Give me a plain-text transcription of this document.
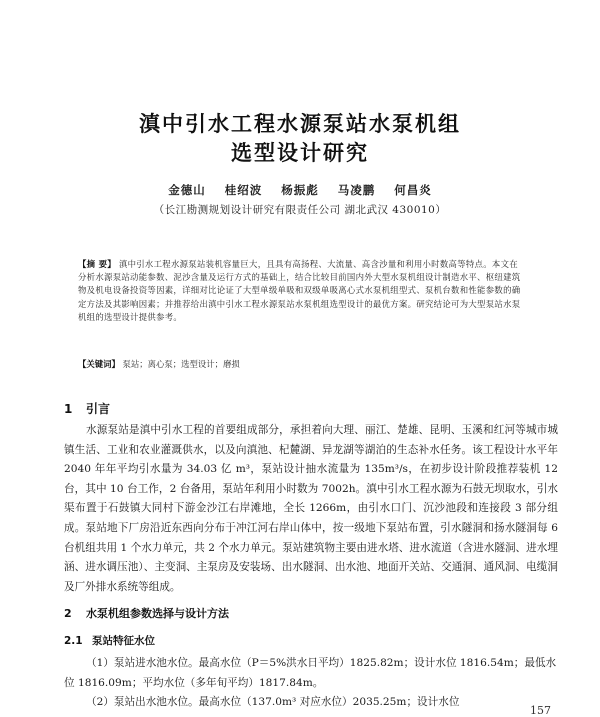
滇中引水工程水源泵站水泵机组
选型设计研究
金德山 桂绍波 杨振彪 马凌鹏 何昌炎
（长江勘测规划设计研究有限责任公司 湖北武汉 430010）
【摘 要】 滇中引水工程水源泵站装机容量巨大，且具有高扬程、大流量、高含沙量和利用小时数高等特点。本文在分析水源泵站动能参数、泥沙含量及运行方式的基础上，结合比较目前国内外大型水泵机组设计制造水平、枢纽建筑物及机电设备投资等因素，详细对比论证了大型单级单吸和双级单吸离心式水泵机组型式、泵机台数和性能参数的确定方法及其影响因素；并推荐给出滇中引水工程水源泵站水泵机组选型设计的最优方案。研究结论可为大型泵站水泵机组的选型设计提供参考。
【关键词】 泵站；离心泵；选型设计；磨损
1 引言
水源泵站是滇中引水工程的首要组成部分，承担着向大理、丽江、楚雄、昆明、玉溪和红河等城市城镇生活、工业和农业灌溉供水，以及向滇池、杞麓湖、异龙湖等湖泊的生态补水任务。该工程设计水平年 2040 年年平均引水量为 34.03 亿 m³，泵站设计抽水流量为 135m³/s，在初步设计阶段推荐装机 12 台，其中 10 台工作，2 台备用，泵站年利用小时数为 7002h。滇中引水工程水源为石鼓无坝取水，引水渠布置于石鼓镇大同村下游金沙江右岸滩地，全长 1266m，由引水口门、沉沙池段和连接段 3 部分组成。泵站地下厂房沿近东西向分布于冲江河右岸山体中，按一级地下泵站布置，引水隧洞和扬水隧洞每 6 台机组共用 1 个水力单元，共 2 个水力单元。泵站建筑物主要由进水塔、进水流道（含进水隧洞、进水埋涵、进水调压池）、主变洞、主泵房及安装场、出水隧洞、出水池、地面开关站、交通洞、通风洞、电缆洞及厂外排水系统等组成。
2 水泵机组参数选择与设计方法
2.1 泵站特征水位

（1）泵站进水池水位。最高水位（P＝5%洪水日平均）1825.82m；设计水位 1816.54m；最低水位 1816.09m；平均水位（多年旬平均）1817.84m。

（2）泵站出水池水位。最高水位（137.0m³ 对应水位）2035.25m；设计水位

157
